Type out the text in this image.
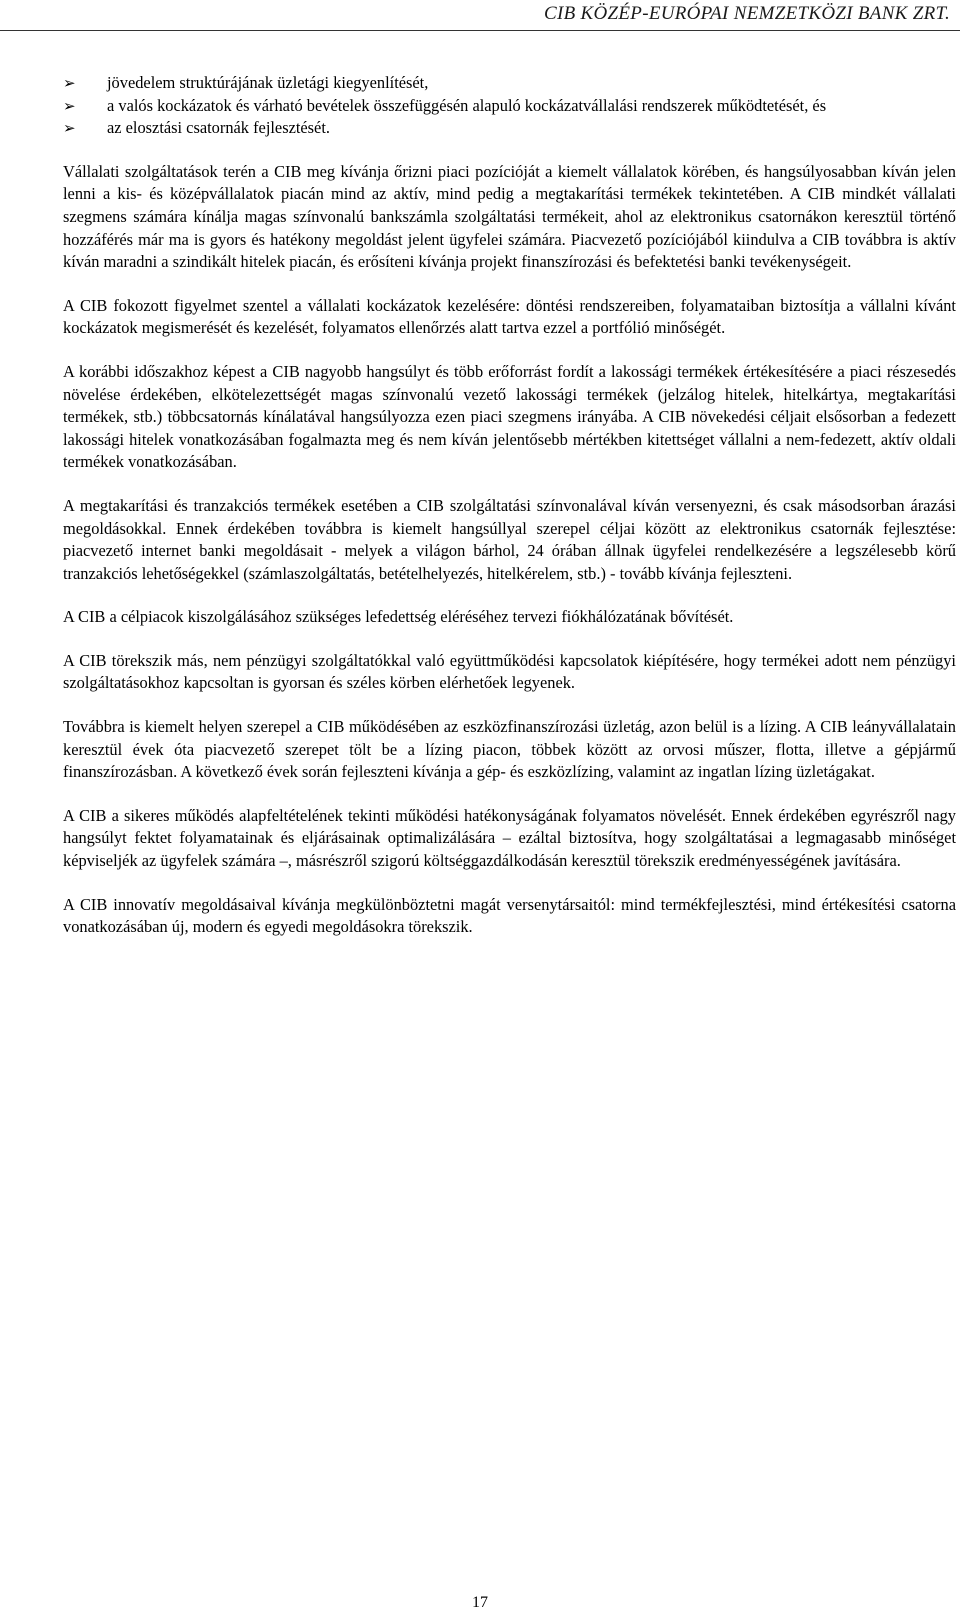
CIB KÖZÉP-EURÓPAI NEMZETKÖZI BANK ZRT.
➢ jövedelem struktúrájának üzletági kiegyenlítését,
➢ a valós kockázatok és várható bevételek összefüggésén alapuló kockázatvállalási rendszerek működtetését, és
➢ az elosztási csatornák fejlesztését.

Vállalati szolgáltatások terén a CIB meg kívánja őrizni piaci pozícióját a kiemelt vállalatok körében, és hangsúlyosabban kíván jelen lenni a kis- és középvállalatok piacán mind az aktív, mind pedig a megtakarítási termékek tekintetében. A CIB mindkét vállalati szegmens számára kínálja magas színvonalú bankszámla szolgáltatási termékeit, ahol az elektronikus csatornákon keresztül történő hozzáférés már ma is gyors és hatékony megoldást jelent ügyfelei számára. Piacvezető pozíciójából kiindulva a CIB továbbra is aktív kíván maradni a szindikált hitelek piacán, és erősíteni kívánja projekt finanszírozási és befektetési banki tevékenységeit.

A CIB fokozott figyelmet szentel a vállalati kockázatok kezelésére: döntési rendszereiben, folyamataiban biztosítja a vállalni kívánt kockázatok megismerését és kezelését, folyamatos ellenőrzés alatt tartva ezzel a portfólió minőségét.

A korábbi időszakhoz képest a CIB nagyobb hangsúlyt és több erőforrást fordít a lakossági termékek értékesítésére a piaci részesedés növelése érdekében, elkötelezettségét magas színvonalú vezető lakossági termékek (jelzálog hitelek, hitelkártya, megtakarítási termékek, stb.) többcsatornás kínálatával hangsúlyozza ezen piaci szegmens irányába. A CIB növekedési céljait elsősorban a fedezett lakossági hitelek vonatkozásában fogalmazta meg és nem kíván jelentősebb mértékben kitettséget vállalni a nem-fedezett, aktív oldali termékek vonatkozásában.

A megtakarítási és tranzakciós termékek esetében a CIB szolgáltatási színvonalával kíván versenyezni, és csak másodsorban árazási megoldásokkal. Ennek érdekében továbbra is kiemelt hangsúllyal szerepel céljai között az elektronikus csatornák fejlesztése: piacvezető internet banki megoldásait - melyek a világon bárhol, 24 órában állnak ügyfelei rendelkezésére a legszélesebb körű tranzakciós lehetőségekkel (számlaszolgáltatás, betételhelyezés, hitelkérelem, stb.) - tovább kívánja fejleszteni.

A CIB a célpiacok kiszolgálásához szükséges lefedettség eléréséhez tervezi fiókhálózatának bővítését.

A CIB törekszik más, nem pénzügyi szolgáltatókkal való együttműködési kapcsolatok kiépítésére, hogy termékei adott nem pénzügyi szolgáltatásokhoz kapcsoltan is gyorsan és széles körben elérhetőek legyenek.

Továbbra is kiemelt helyen szerepel a CIB működésében az eszközfinanszírozási üzletág, azon belül is a lízing. A CIB leányvállalatain keresztül évek óta piacvezető szerepet tölt be a lízing piacon, többek között az orvosi műszer, flotta, illetve a gépjármű finanszírozásban. A következő évek során fejleszteni kívánja a gép- és eszközlízing, valamint az ingatlan lízing üzletágakat.

A CIB a sikeres működés alapfeltételének tekinti működési hatékonyságának folyamatos növelését. Ennek érdekében egyrészről nagy hangsúlyt fektet folyamatainak és eljárásainak optimalizálására – ezáltal biztosítva, hogy szolgáltatásai a legmagasabb minőséget képviseljék az ügyfelek számára –, másrészről szigorú költséggazdálkodásán keresztül törekszik eredményességének javítására.

A CIB innovatív megoldásaival kívánja megkülönböztetni magát versenytársaitól: mind termékfejlesztési, mind értékesítési csatorna vonatkozásában új, modern és egyedi megoldásokra törekszik.

17
